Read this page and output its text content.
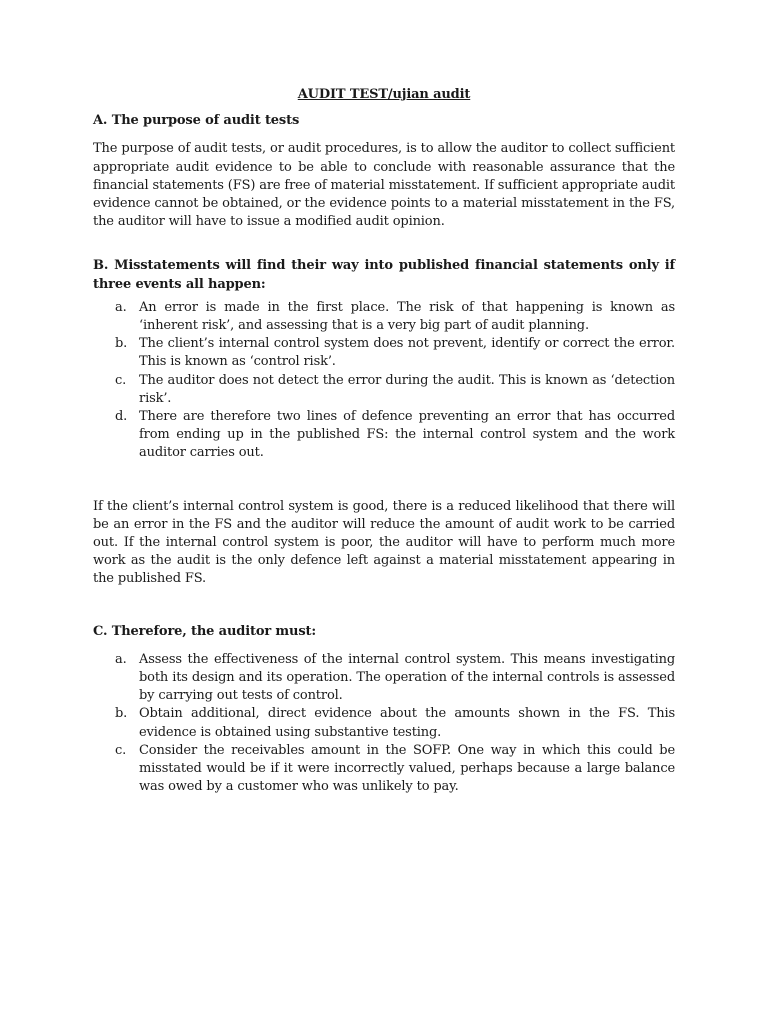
AUDIT TEST/ujian audit
A. The purpose of audit tests

The purpose of audit tests, or audit procedures, is to allow the auditor to collect sufficient appropriate audit evidence to be able to conclude with reasonable assurance that the financial statements (FS) are free of material misstatement. If sufficient appropriate audit evidence cannot be obtained, or the evidence points to a material misstatement in the FS, the auditor will have to issue a modified audit opinion.

B. Misstatements will find their way into published financial statements only if three events all happen:
a. An error is made in the first place. The risk of that happening is known as ‘inherent risk’, and assessing that is a very big part of audit planning.
b. The client’s internal control system does not prevent, identify or correct the error. This is known as ‘control risk’.
c. The auditor does not detect the error during the audit. This is known as ‘detection risk’.
d. There are therefore two lines of defence preventing an error that has occurred from ending up in the published FS: the internal control system and the work auditor carries out.

If the client’s internal control system is good, there is a reduced likelihood that there will be an error in the FS and the auditor will reduce the amount of audit work to be carried out. If the internal control system is poor, the auditor will have to perform much more work as the audit is the only defence left against a material misstatement appearing in the published FS.

C. Therefore, the auditor must:
a. Assess the effectiveness of the internal control system. This means investigating both its design and its operation. The operation of the internal controls is assessed by carrying out tests of control.
b. Obtain additional, direct evidence about the amounts shown in the FS. This evidence is obtained using substantive testing.
c. Consider the receivables amount in the SOFP. One way in which this could be misstated would be if it were incorrectly valued, perhaps because a large balance was owed by a customer who was unlikely to pay.
